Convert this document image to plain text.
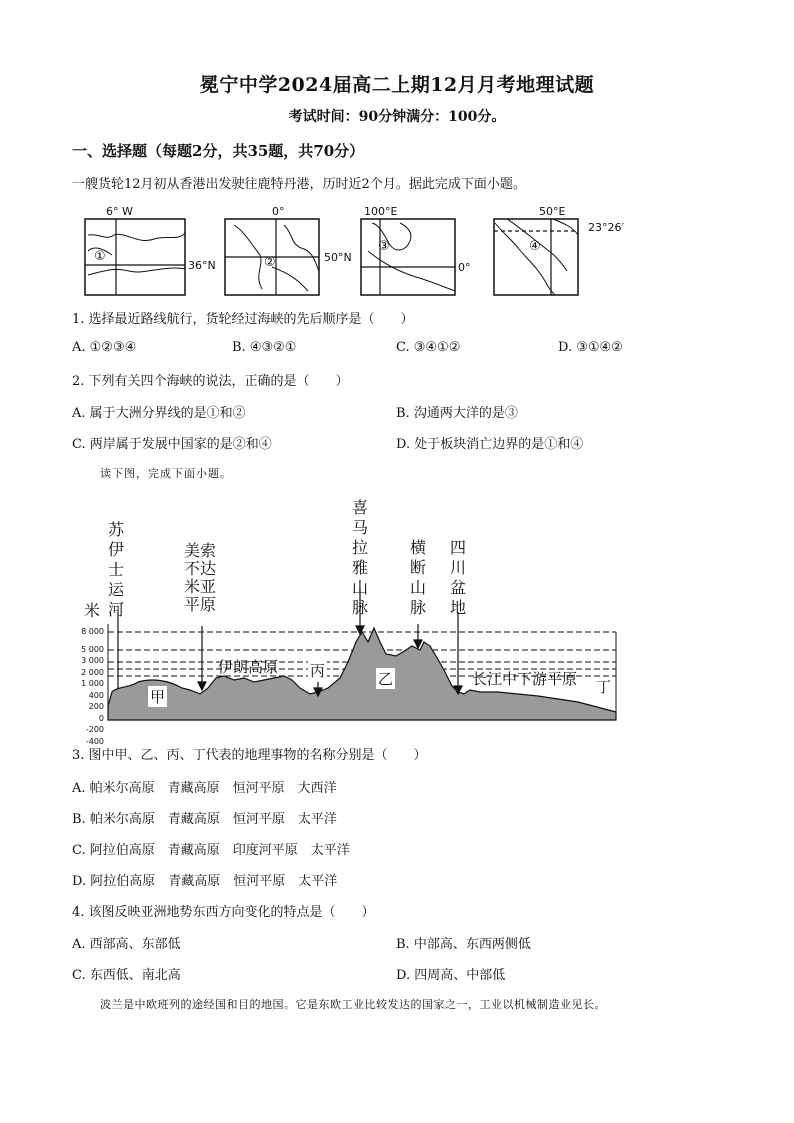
冕宁中学2024届高二上期12月月考地理试题
考试时间：90分钟满分：100分。
一、选择题（每题2分，共35题，共70分）
一艘货轮12月初从香港出发驶往鹿特丹港，历时近2个月。据此完成下面小题。
6° W
36°N
①
0°
50°N
②
100°E
0°
③
50°E
23°26′
④
1. 选择最近路线航行，货轮经过海峡的先后顺序是（　　）
A. ①②③④	B. ④③②①	C. ③④①②	D. ③①④②
2. 下列有关四个海峡的说法，正确的是（　　）
A. 属于大洲分界线的是①和②	B. 沟通两大洋的是③
C. 两岸属于发展中国家的是②和④	D. 处于板块消亡边界的是①和④
读下图，完成下面小题。
米
8 000
5 000
3 000
2 000
1 000
400
200
0
-200
-400
苏伊士运河
美索不达米亚平原
喜马拉雅山脉
横断山脉
四川盆地
伊朗高原
长江中下游平原
甲
乙
丙
丁
3. 图中甲、乙、丙、丁代表的地理事物的名称分别是（　　）
A. 帕米尔高原　青藏高原　恒河平原　大西洋
B. 帕米尔高原　青藏高原　恒河平原　太平洋
C. 阿拉伯高原　青藏高原　印度河平原　太平洋
D. 阿拉伯高原　青藏高原　恒河平原　太平洋
4. 该图反映亚洲地势东西方向变化的特点是（　　）
A. 西部高、东部低	B. 中部高、东西两侧低
C. 东西低、南北高	D. 四周高、中部低
波兰是中欧班列的途经国和目的地国。它是东欧工业比较发达的国家之一，工业以机械制造业见长。
